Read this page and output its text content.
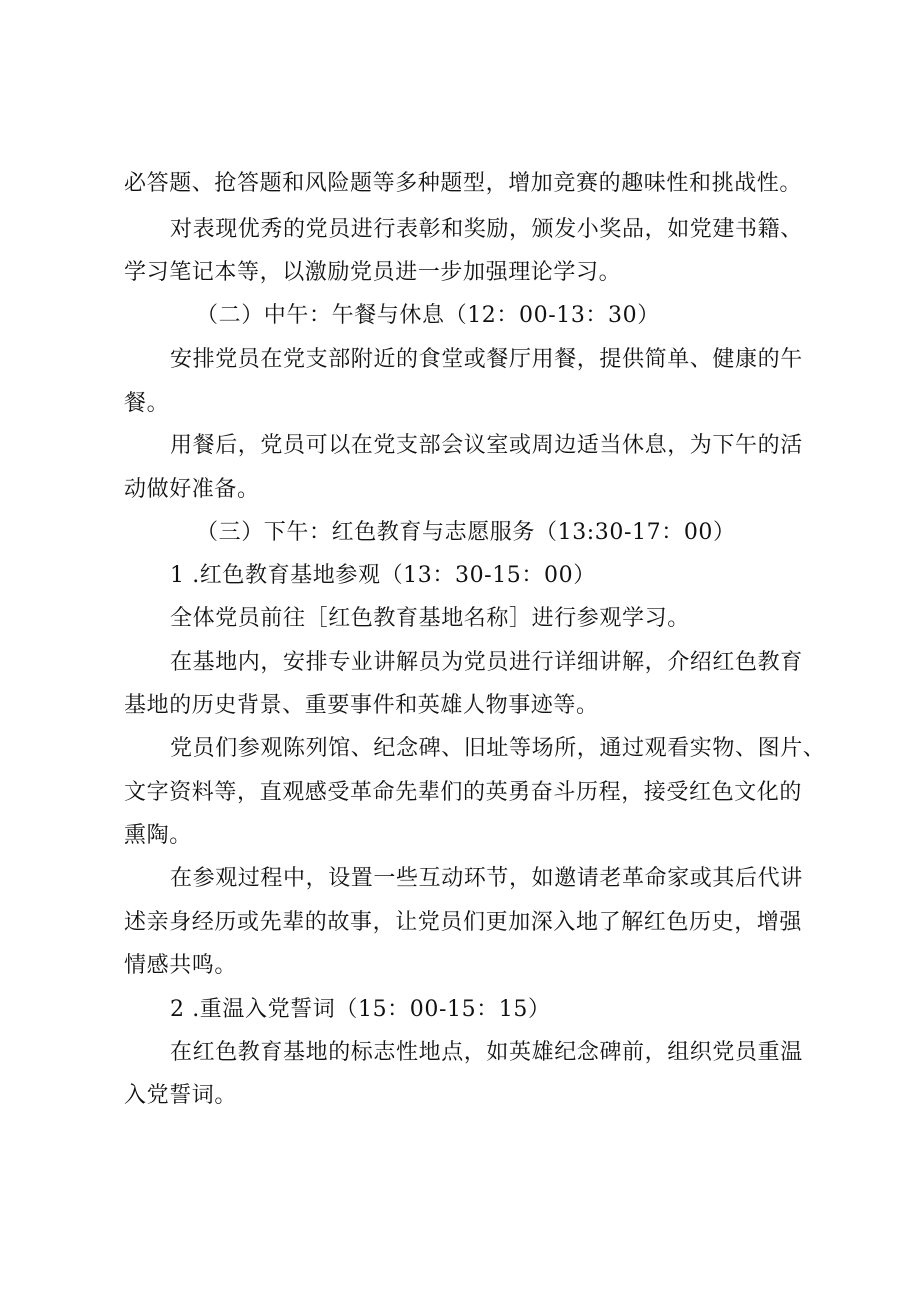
必答题、抢答题和风险题等多种题型，增加竞赛的趣味性和挑战性。
对表现优秀的党员进行表彰和奖励，颁发小奖品，如党建书籍、
学习笔记本等，以激励党员进一步加强理论学习。
（二）中午：午餐与休息（12：00-13：30）
安排党员在党支部附近的食堂或餐厅用餐，提供简单、健康的午
餐。
用餐后，党员可以在党支部会议室或周边适当休息，为下午的活
动做好准备。
（三）下午：红色教育与志愿服务（13:30-17：00）
1 .红色教育基地参观（13：30-15：00）
全体党员前往［红色教育基地名称］进行参观学习。
在基地内，安排专业讲解员为党员进行详细讲解，介绍红色教育
基地的历史背景、重要事件和英雄人物事迹等。
党员们参观陈列馆、纪念碑、旧址等场所，通过观看实物、图片、
文字资料等，直观感受革命先辈们的英勇奋斗历程，接受红色文化的
熏陶。
在参观过程中，设置一些互动环节，如邀请老革命家或其后代讲
述亲身经历或先辈的故事，让党员们更加深入地了解红色历史，增强
情感共鸣。
2 .重温入党誓词（15：00-15：15）
在红色教育基地的标志性地点，如英雄纪念碑前，组织党员重温
入党誓词。
